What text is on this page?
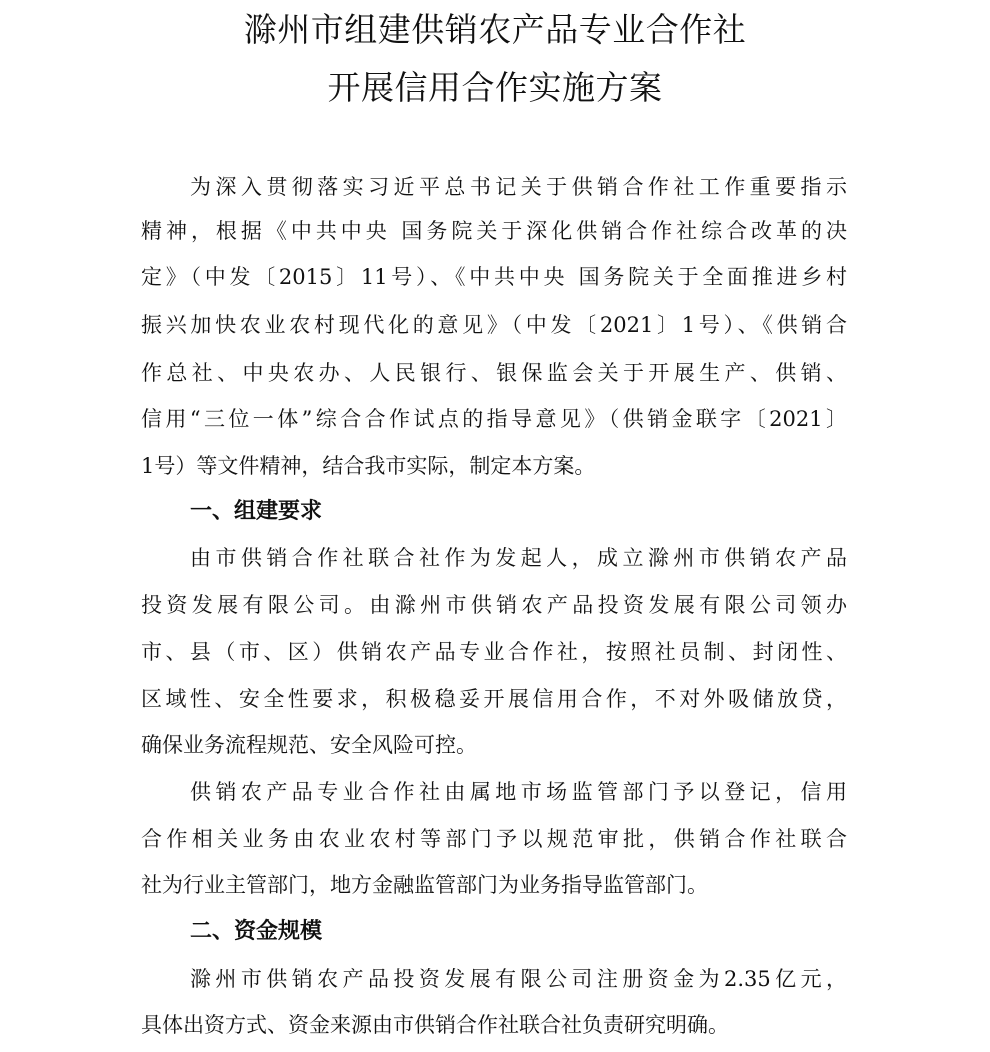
滁州市组建供销农产品专业合作社
开展信用合作实施方案
为深入贯彻落实习近平总书记关于供销合作社工作重要指示
精神，根据《中共中央 国务院关于深化供销合作社综合改革的决
定》（中发〔2015〕11号）、《中共中央 国务院关于全面推进乡村
振兴加快农业农村现代化的意见》（中发〔2021〕1号）、《供销合
作总社、中央农办、人民银行、银保监会关于开展生产、供销、
信用“三位一体”综合合作试点的指导意见》（供销金联字〔2021〕
1号）等文件精神，结合我市实际，制定本方案。
一、组建要求
由市供销合作社联合社作为发起人，成立滁州市供销农产品
投资发展有限公司。由滁州市供销农产品投资发展有限公司领办
市、县（市、区）供销农产品专业合作社，按照社员制、封闭性、
区域性、安全性要求，积极稳妥开展信用合作，不对外吸储放贷，
确保业务流程规范、安全风险可控。
供销农产品专业合作社由属地市场监管部门予以登记，信用
合作相关业务由农业农村等部门予以规范审批，供销合作社联合
社为行业主管部门，地方金融监管部门为业务指导监管部门。
二、资金规模
滁州市供销农产品投资发展有限公司注册资金为2.35亿元，
具体出资方式、资金来源由市供销合作社联合社负责研究明确。
